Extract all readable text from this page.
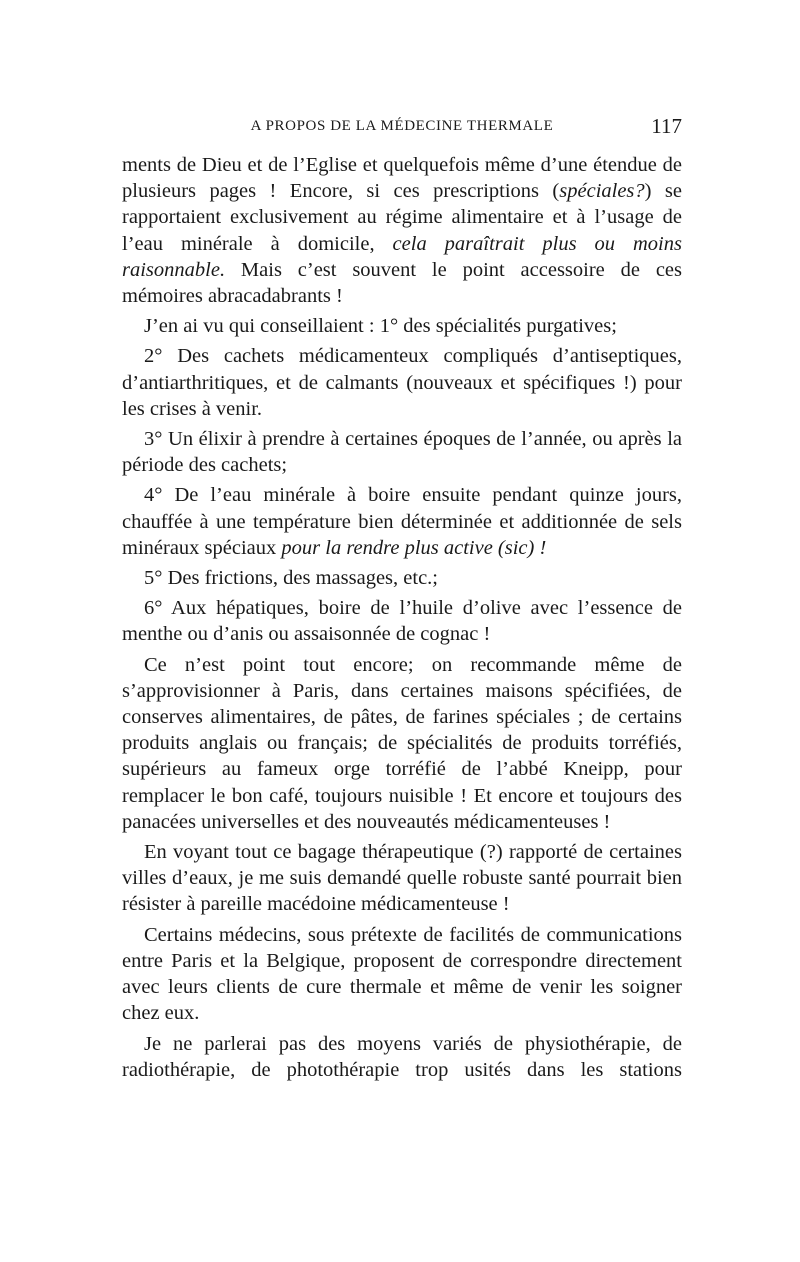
A PROPOS DE LA MÉDECINE THERMALE	117

ments de Dieu et de l’Eglise et quelquefois même d’une étendue de plusieurs pages ! Encore, si ces prescriptions (spéciales?) se rapportaient exclusivement au régime alimentaire et à l’usage de l’eau minérale à domicile, cela paraîtrait plus ou moins raisonnable. Mais c’est souvent le point accessoire de ces mémoires abracadabrants !

J’en ai vu qui conseillaient : 1° des spécialités purgatives;

2° Des cachets médicamenteux compliqués d’antiseptiques, d’antiarthritiques, et de calmants (nouveaux et spécifiques !) pour les crises à venir.

3° Un élixir à prendre à certaines époques de l’année, ou après la période des cachets;

4° De l’eau minérale à boire ensuite pendant quinze jours, chauffée à une température bien déterminée et additionnée de sels minéraux spéciaux pour la rendre plus active (sic) !

5° Des frictions, des massages, etc.;

6° Aux hépatiques, boire de l’huile d’olive avec l’essence de menthe ou d’anis ou assaisonnée de cognac !

Ce n’est point tout encore; on recommande même de s’approvisionner à Paris, dans certaines maisons spécifiées, de conserves alimentaires, de pâtes, de farines spéciales ; de certains produits anglais ou français; de spécialités de produits torréfiés, supérieurs au fameux orge torréfié de l’abbé Kneipp, pour remplacer le bon café, toujours nuisible ! Et encore et toujours des panacées universelles et des nouveautés médicamenteuses !

En voyant tout ce bagage thérapeutique (?) rapporté de certaines villes d’eaux, je me suis demandé quelle robuste santé pourrait bien résister à pareille macédoine médicamenteuse !

Certains médecins, sous prétexte de facilités de communications entre Paris et la Belgique, proposent de correspondre directement avec leurs clients de cure thermale et même de venir les soigner chez eux.

Je ne parlerai pas des moyens variés de physiothérapie, de radiothérapie, de photothérapie trop usités dans les stations
